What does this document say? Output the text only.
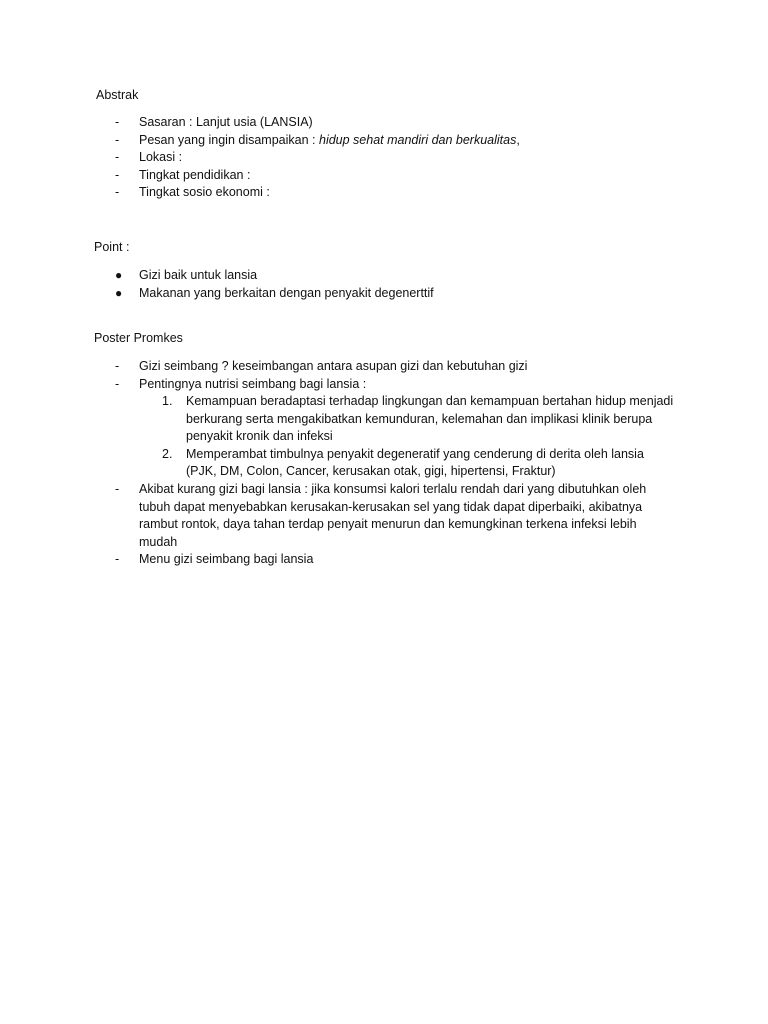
Abstrak
- Sasaran : Lanjut usia (LANSIA)
- Pesan yang ingin disampaikan : hidup sehat mandiri dan berkualitas,
- Lokasi :
- Tingkat pendidikan :
- Tingkat sosio ekonomi :
Point :
● Gizi baik untuk lansia
● Makanan yang berkaitan dengan penyakit degenerttif
Poster Promkes
- Gizi seimbang ? keseimbangan antara asupan gizi dan kebutuhan gizi
- Pentingnya nutrisi seimbang bagi lansia :
1. Kemampuan beradaptasi terhadap lingkungan dan kemampuan bertahan hidup menjadi berkurang serta mengakibatkan kemunduran, kelemahan dan implikasi klinik berupa penyakit kronik dan infeksi
2. Memperambat timbulnya penyakit degeneratif yang cenderung di derita oleh lansia (PJK, DM, Colon, Cancer, kerusakan otak, gigi, hipertensi, Fraktur)
- Akibat kurang gizi bagi lansia : jika konsumsi kalori terlalu rendah dari yang dibutuhkan oleh tubuh dapat menyebabkan kerusakan-kerusakan sel yang tidak dapat diperbaiki, akibatnya rambut rontok, daya tahan terdap penyait menurun dan kemungkinan terkena infeksi lebih mudah
- Menu gizi seimbang bagi lansia
